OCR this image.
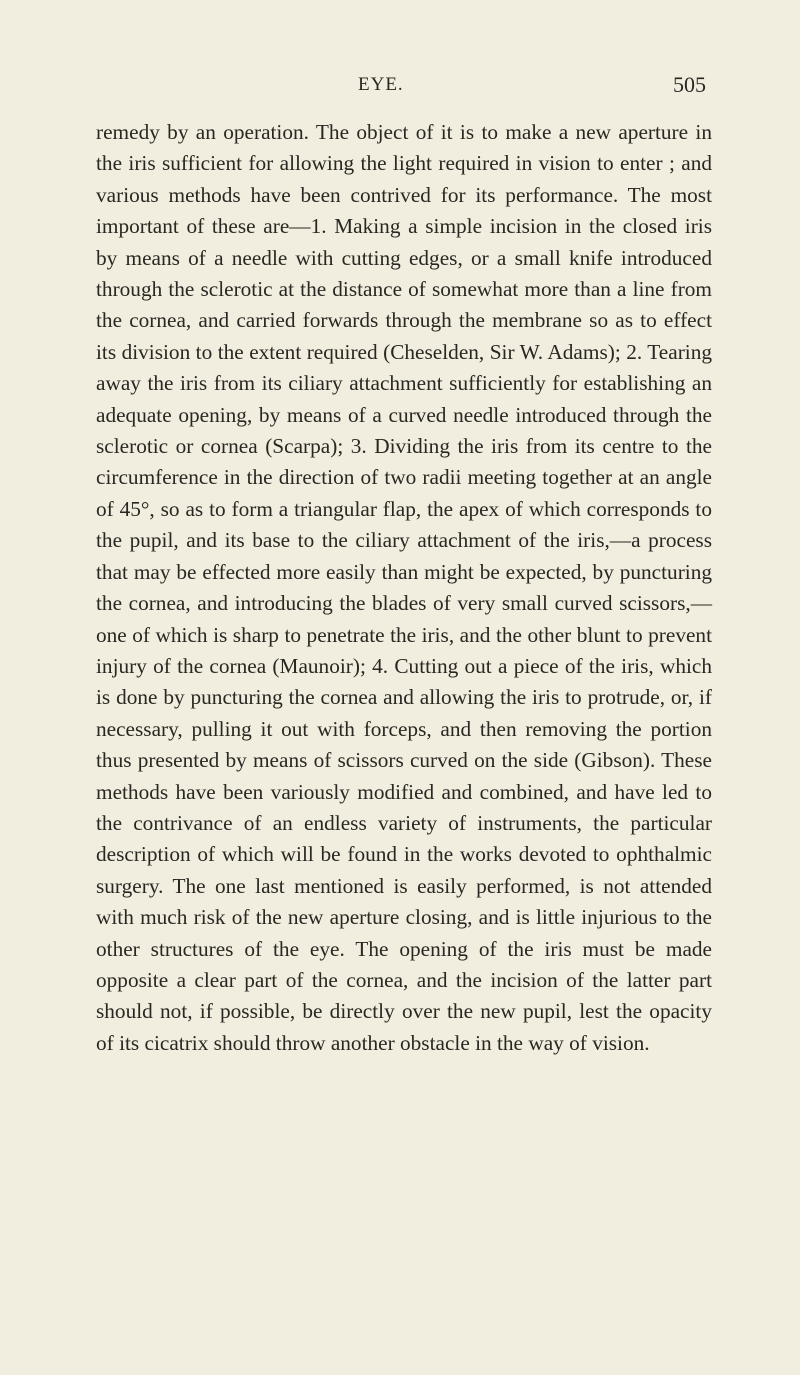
EYE.	505

remedy by an operation. The object of it is to make a new aperture in the iris sufficient for allowing the light required in vision to enter ; and various methods have been contrived for its performance. The most important of these are—1. Making a simple incision in the closed iris by means of a needle with cutting edges, or a small knife introduced through the sclerotic at the distance of somewhat more than a line from the cornea, and carried forwards through the membrane so as to effect its division to the extent required (Cheselden, Sir W. Adams); 2. Tearing away the iris from its ciliary attachment sufficiently for establishing an adequate opening, by means of a curved needle introduced through the sclerotic or cornea (Scarpa); 3. Dividing the iris from its centre to the circumference in the direction of two radii meeting together at an angle of 45°, so as to form a triangular flap, the apex of which corresponds to the pupil, and its base to the ciliary attachment of the iris,—a process that may be effected more easily than might be expected, by puncturing the cornea, and introducing the blades of very small curved scissors,—one of which is sharp to penetrate the iris, and the other blunt to prevent injury of the cornea (Maunoir); 4. Cutting out a piece of the iris, which is done by puncturing the cornea and allowing the iris to protrude, or, if necessary, pulling it out with forceps, and then removing the portion thus presented by means of scissors curved on the side (Gibson). These methods have been variously modified and combined, and have led to the contrivance of an endless variety of instruments, the particular description of which will be found in the works devoted to ophthalmic surgery. The one last mentioned is easily performed, is not attended with much risk of the new aperture closing, and is little injurious to the other structures of the eye. The opening of the iris must be made opposite a clear part of the cornea, and the incision of the latter part should not, if possible, be directly over the new pupil, lest the opacity of its cicatrix should throw another obstacle in the way of vision.
